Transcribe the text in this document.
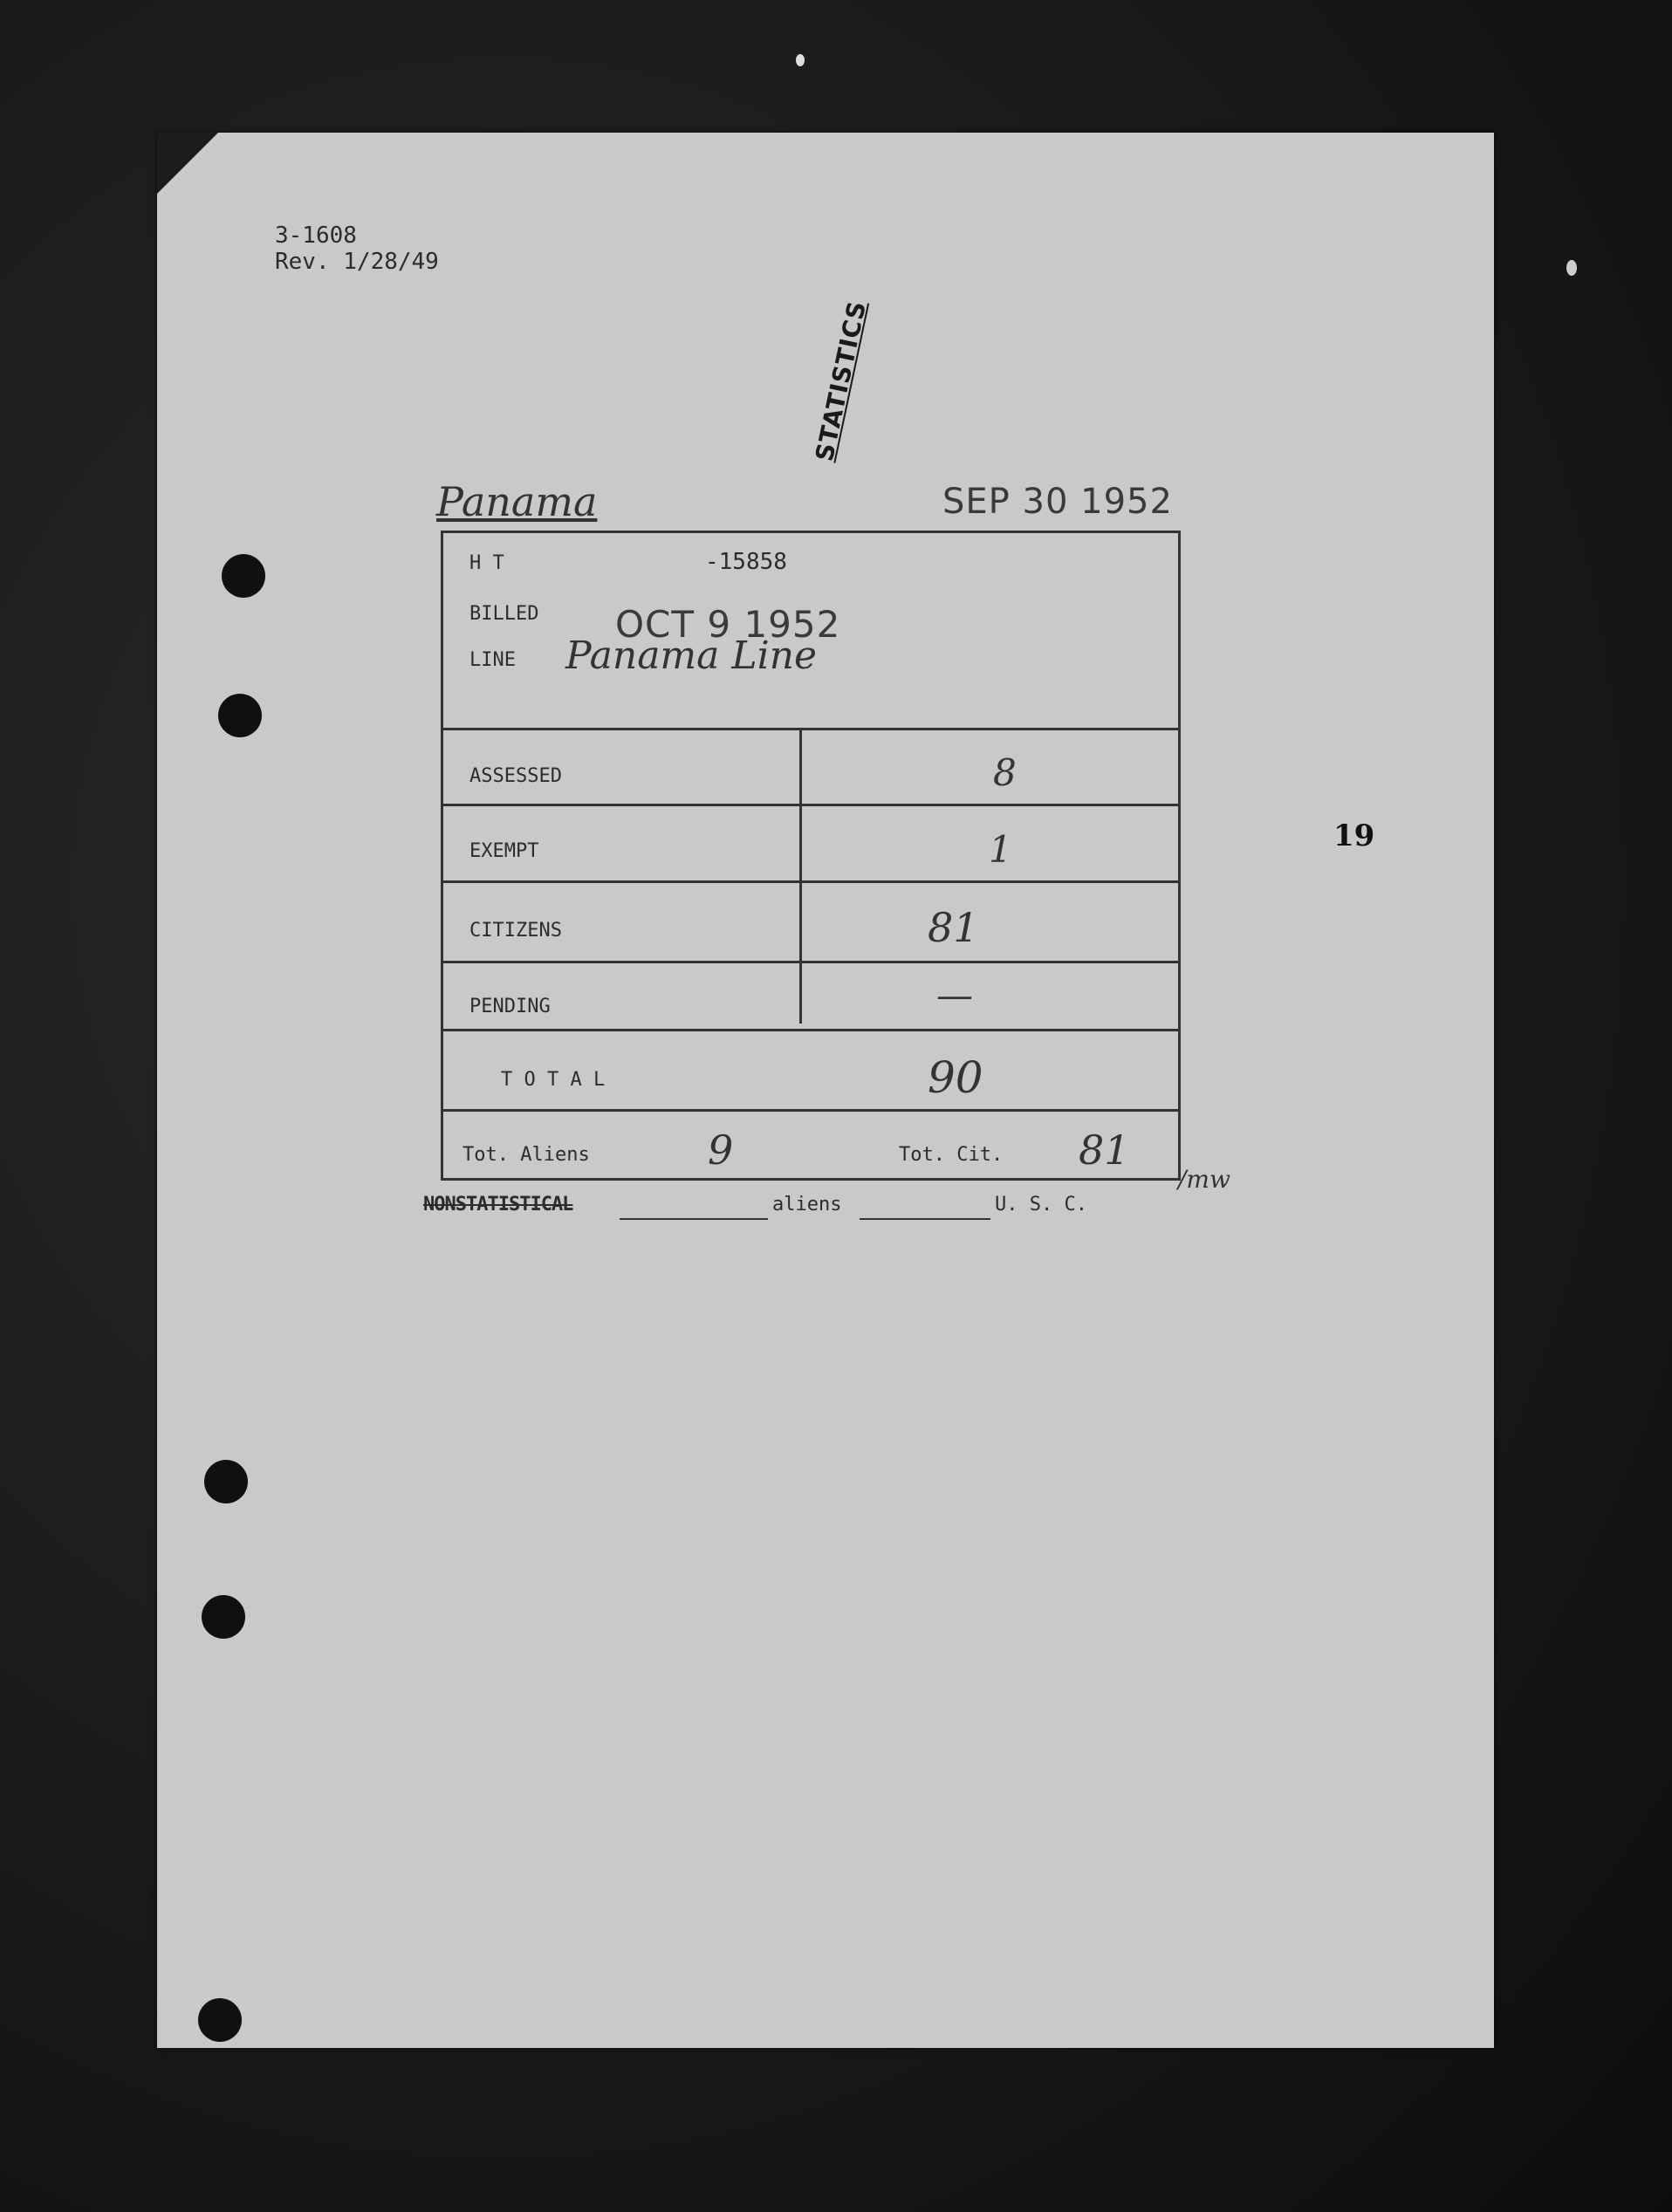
3-1608
Rev. 1/28/49
STATISTICS
Panama	SEP 30 1952
H T	-15858
BILLED OCT 9 1952
LINE Panama Line
ASSESSED	8
EXEMPT	1
CITIZENS	81
PENDING	—
T O T A L	90
Tot. Aliens	9	Tot. Cit. 81
/mw
NONSTATISTICAL	aliens	U. S. C.
19
